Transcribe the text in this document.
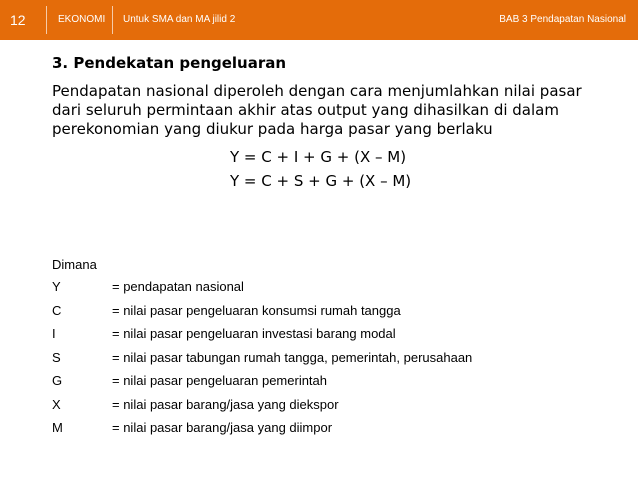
12	EKONOMI Untuk SMA dan MA jilid 2	BAB 3 Pendapatan Nasional
3. Pendekatan pengeluaran

Pendapatan nasional diperoleh dengan cara menjumlahkan nilai pasar dari seluruh permintaan akhir atas output yang dihasilkan di dalam perekonomian yang diukur pada harga pasar yang berlaku

Y = C + I + G + (X – M)
Y = C + S + G + (X – M)
Dimana
Y	= pendapatan nasional
C	= nilai pasar pengeluaran konsumsi rumah tangga
I	= nilai pasar pengeluaran investasi barang modal
S	= nilai pasar tabungan rumah tangga, pemerintah, perusahaan
G	= nilai pasar pengeluaran pemerintah
X	= nilai pasar barang/jasa yang diekspor
M	= nilai pasar barang/jasa yang diimpor
